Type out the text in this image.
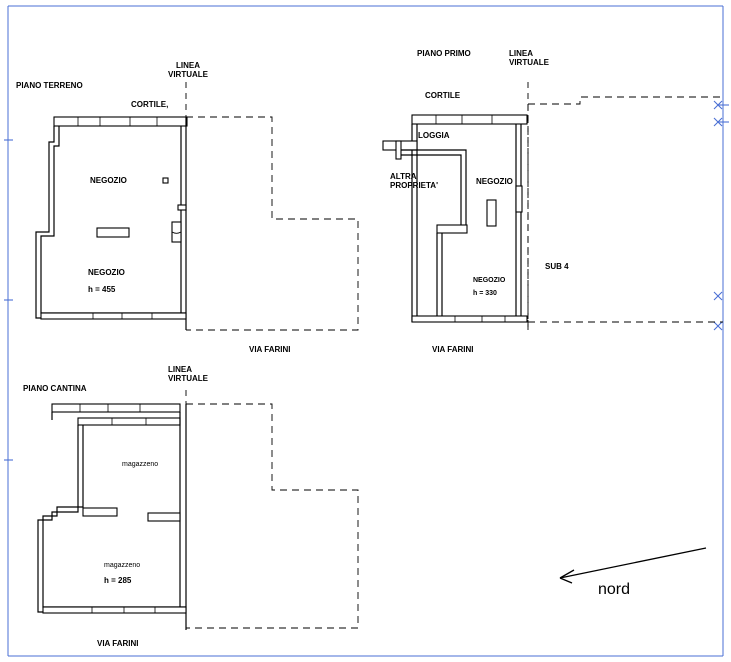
PIANO TERRENO
LINEA
VIRTUALE
CORTILE,
NEGOZIO
NEGOZIO
h = 455
VIA FARINI
PIANO PRIMO	LINEA
VIRTUALE
CORTILE
LOGGIA
ALTRA
PROPRIETA'	NEGOZIO
NEGOZIO
h = 330
SUB 4
VIA FARINI
PIANO CANTINA
LINEA
VIRTUALE
magazzeno
magazzeno
h = 285
VIA FARINI
nord
